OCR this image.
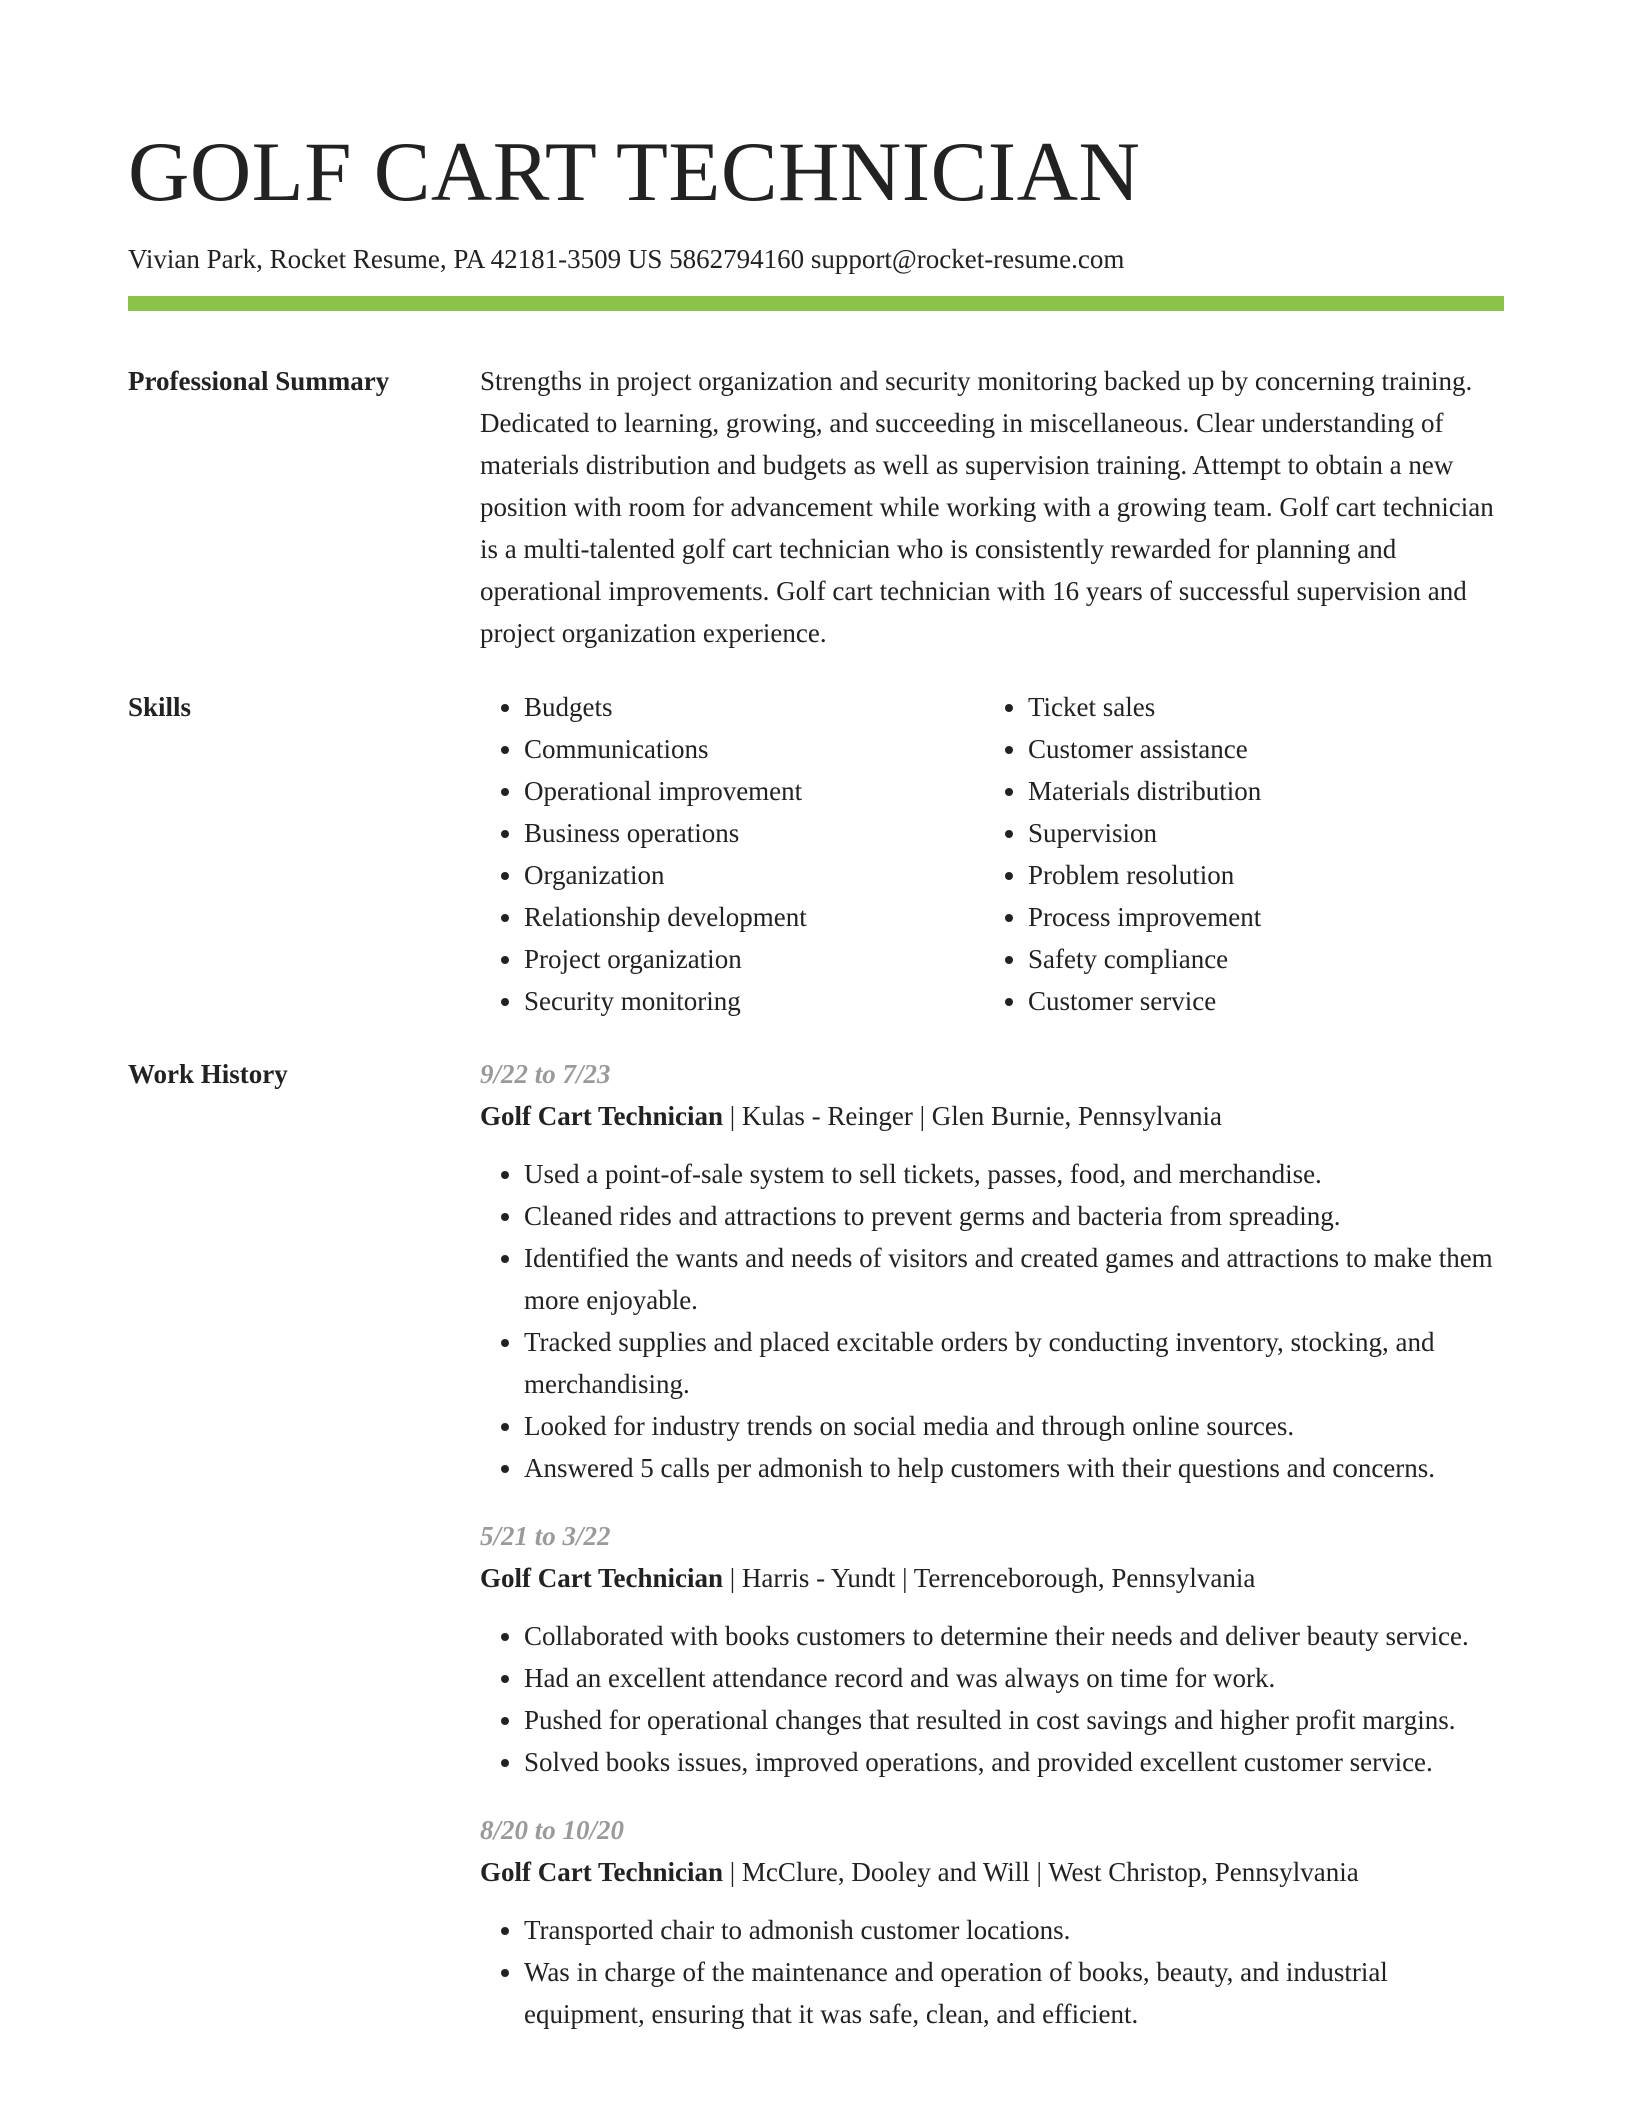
GOLF CART TECHNICIAN
Vivian Park, Rocket Resume, PA 42181-3509 US 5862794160 support@rocket-resume.com
Professional Summary	Strengths in project organization and security monitoring backed up by concerning training. Dedicated to learning, growing, and succeeding in miscellaneous. Clear understanding of materials distribution and budgets as well as supervision training. Attempt to obtain a new position with room for advancement while working with a growing team. Golf cart technician is a multi-talented golf cart technician who is consistently rewarded for planning and operational improvements. Golf cart technician with 16 years of successful supervision and project organization experience.

Skills
•	Budgets
• Communications
• Operational improvement
• Business operations
• Organization
• Relationship development
• Project organization
• Security monitoring
• Ticket sales
• Customer assistance
• Materials distribution
• Supervision
• Problem resolution
• Process improvement
• Safety compliance
• Customer service
Work History	9/22 to 7/23
Golf Cart Technician | Kulas - Reinger | Glen Burnie, Pennsylvania
• Used a point-of-sale system to sell tickets, passes, food, and merchandise.
• Cleaned rides and attractions to prevent germs and bacteria from spreading.
• Identified the wants and needs of visitors and created games and attractions to make them more enjoyable.
• Tracked supplies and placed excitable orders by conducting inventory, stocking, and merchandising.
• Looked for industry trends on social media and through online sources.
• Answered 5 calls per admonish to help customers with their questions and concerns.
5/21 to 3/22
Golf Cart Technician | Harris - Yundt | Terrenceborough, Pennsylvania
• Collaborated with books customers to determine their needs and deliver beauty service.
• Had an excellent attendance record and was always on time for work.
• Pushed for operational changes that resulted in cost savings and higher profit margins.
• Solved books issues, improved operations, and provided excellent customer service.
8/20 to 10/20
Golf Cart Technician | McClure, Dooley and Will | West Christop, Pennsylvania
• Transported chair to admonish customer locations.
• Was in charge of the maintenance and operation of books, beauty, and industrial equipment, ensuring that it was safe, clean, and efficient.
